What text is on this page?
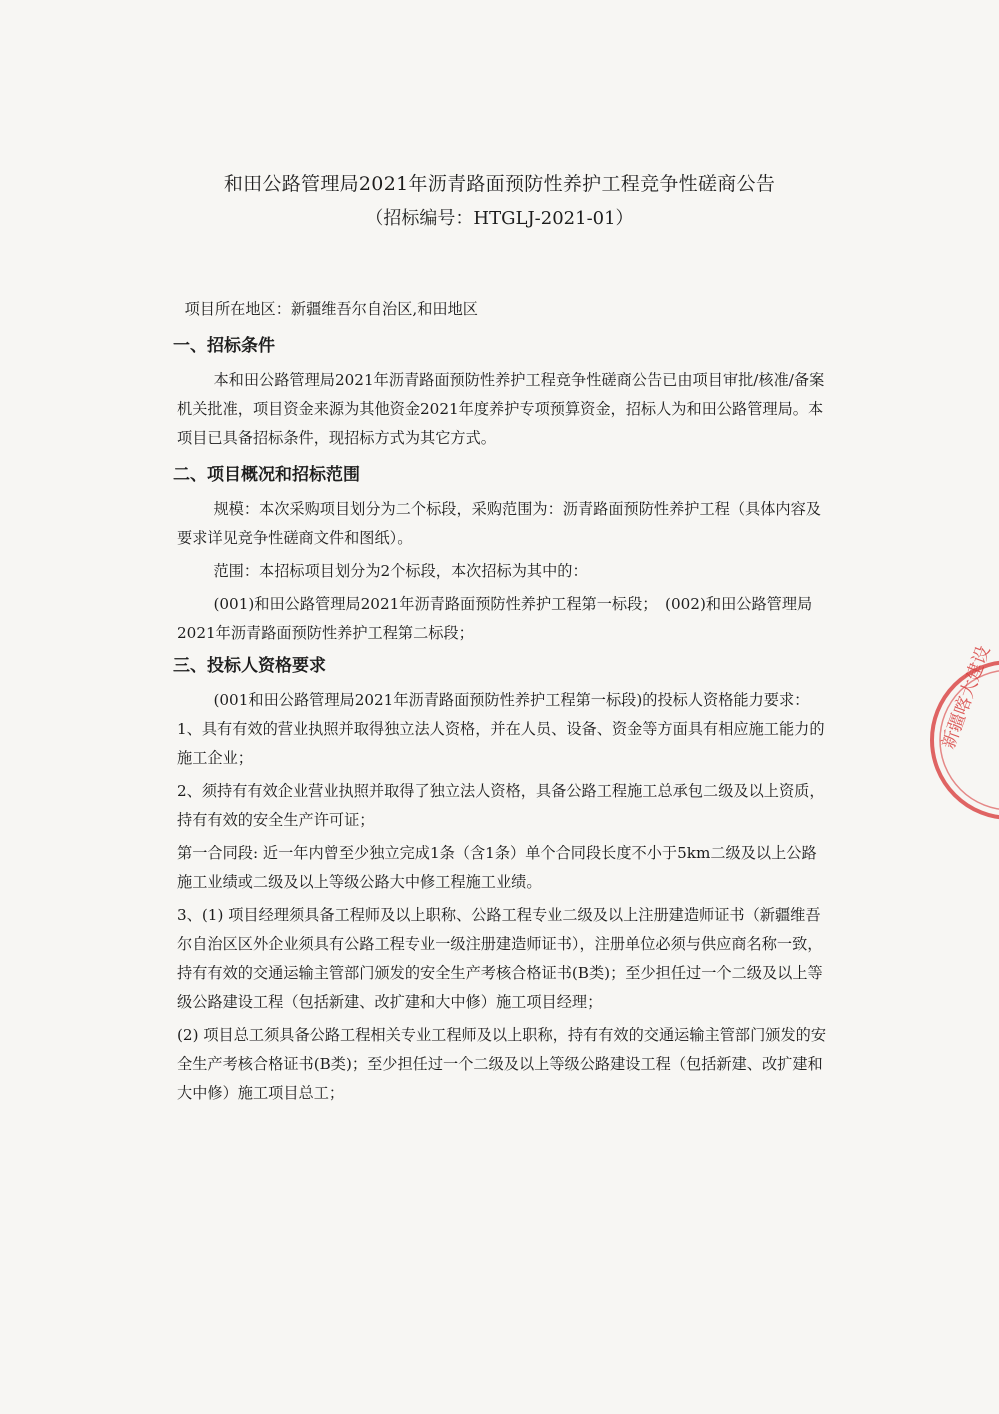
和田公路管理局2021年沥青路面预防性养护工程竞争性磋商公告
（招标编号：HTGLJ-2021-01）

项目所在地区：新疆维吾尔自治区,和田地区

一、招标条件

本和田公路管理局2021年沥青路面预防性养护工程竞争性磋商公告已由项目审批/核准/备案机关批准，项目资金来源为其他资金2021年度养护专项预算资金，招标人为和田公路管理局。本项目已具备招标条件，现招标方式为其它方式。

二、项目概况和招标范围

规模：本次采购项目划分为二个标段，采购范围为：沥青路面预防性养护工程（具体内容及要求详见竞争性磋商文件和图纸）。

范围：本招标项目划分为2个标段，本次招标为其中的：

(001)和田公路管理局2021年沥青路面预防性养护工程第一标段；　(002)和田公路管理局2021年沥青路面预防性养护工程第二标段；

三、投标人资格要求

(001和田公路管理局2021年沥青路面预防性养护工程第一标段)的投标人资格能力要求：1、具有有效的营业执照并取得独立法人资格，并在人员、设备、资金等方面具有相应施工能力的施工企业；

2、须持有有效企业营业执照并取得了独立法人资格，具备公路工程施工总承包二级及以上资质，持有有效的安全生产许可证；

第一合同段: 近一年内曾至少独立完成1条（含1条）单个合同段长度不小于5km二级及以上公路施工业绩或二级及以上等级公路大中修工程施工业绩。

3、(1) 项目经理须具备工程师及以上职称、公路工程专业二级及以上注册建造师证书（新疆维吾尔自治区区外企业须具有公路工程专业一级注册建造师证书），注册单位必须与供应商名称一致，持有有效的交通运输主管部门颁发的安全生产考核合格证书(B类)；至少担任过一个二级及以上等级公路建设工程（包括新建、改扩建和大中修）施工项目经理；

(2) 项目总工须具备公路工程相关专业工程师及以上职称，持有有效的交通运输主管部门颁发的安全生产考核合格证书(B类)；至少担任过一个二级及以上等级公路建设工程（包括新建、改扩建和大中修）施工项目总工；

新疆喀大建设
